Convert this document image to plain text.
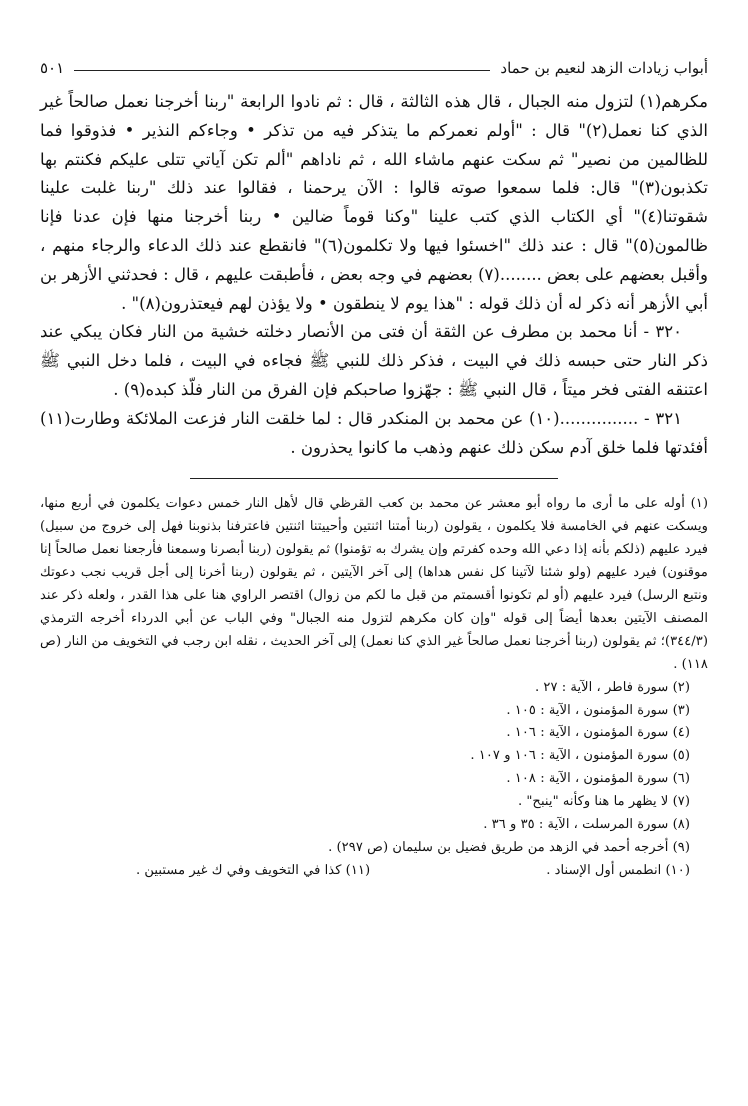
أبواب زيادات الزهد لنعيم بن حماد
٥٠١

مكرهم(١) لتزول منه الجبال ، قال هذه الثالثة ، قال : ثم نادوا الرابعة "ربنا أخرجنا نعمل صالحاً غير الذي كنا نعمل(٢)" قال : "أولم نعمركم ما يتذكر فيه من تذكر • وجاءكم النذير • فذوقوا فما للظالمين من نصير" ثم سكت عنهم ماشاء الله ، ثم ناداهم "ألم تكن آياتي تتلى عليكم فكنتم بها تكذبون(٣)" قال: فلما سمعوا صوته قالوا : الآن يرحمنا ، فقالوا عند ذلك "ربنا غلبت علينا شقوتنا(٤)" أي الكتاب الذي كتب علينا "وكنا قوماً ضالين • ربنا أخرجنا منها فإن عدنا فإنا ظالمون(٥)" قال : عند ذلك "اخسئوا فيها ولا تكلمون(٦)" فانقطع عند ذلك الدعاء والرجاء منهم ، وأقبل بعضهم على بعض ........(٧) بعضهم في وجه بعض ، فأطبقت عليهم ، قال : فحدثني الأزهر بن أبي الأزهر أنه ذكر له أن ذلك قوله : "هذا يوم لا ينطقون • ولا يؤذن لهم فيعتذرون(٨)" .

٣٢٠ - أنا محمد بن مطرف عن الثقة أن فتى من الأنصار دخلته خشية من النار فكان يبكي عند ذكر النار حتى حبسه ذلك في البيت ، فذكر ذلك للنبي ﷺ فجاءه في البيت ، فلما دخل النبي ﷺ اعتنقه الفتى فخر ميتاً ، قال النبي ﷺ : جهّزوا صاحبكم فإن الفرق من النار فلّذ كبده(٩) .

٣٢١ - ...............(١٠) عن محمد بن المنكدر قال : لما خلقت النار فزعت الملائكة وطارت(١١) أفئدتها فلما خلق آدم سكن ذلك عنهم وذهب ما كانوا يحذرون .

(١) أوله على ما أرى ما رواه أبو معشر عن محمد بن كعب القرظي قال لأهل النار خمس دعوات يكلمون في أربع منها، ويسكت عنهم في الخامسة فلا يكلمون ، يقولون (ربنا أمتنا اثنتين وأحييتنا اثنتين فاعترفنا بذنوبنا فهل إلى خروج من سبيل) فيرد عليهم (ذلكم بأنه إذا دعي الله وحده كفرتم وإن يشرك به تؤمنوا) ثم يقولون (ربنا أبصرنا وسمعنا فأرجعنا نعمل صالحاً إنا موقنون) فيرد عليهم (ولو شئنا لآتينا كل نفس هداها) إلى آخر الآيتين ، ثم يقولون (ربنا أخرنا إلى أجل قريب نجب دعوتك ونتبع الرسل) فيرد عليهم (أو لم تكونوا أقسمتم من قبل ما لكم من زوال) اقتصر الراوي هنا على هذا القدر ، ولعله ذكر عند المصنف الآيتين بعدها أيضاً إلى قوله "وإن كان مكرهم لتزول منه الجبال" وفي الباب عن أبي الدرداء أخرجه الترمذي (٣٤٤/٣)؛ ثم يقولون (ربنا أخرجنا نعمل صالحاً غير الذي كنا نعمل) إلى آخر الحديث ، نقله ابن رجب في التخويف من النار (ص ١١٨) .

(٢) سورة فاطر ، الآية : ٢٧ .

(٣) سورة المؤمنون ، الآية : ١٠٥ .

(٤) سورة المؤمنون ، الآية : ١٠٦ .

(٥) سورة المؤمنون ، الآية : ١٠٦ و ١٠٧ .

(٦) سورة المؤمنون ، الآية : ١٠٨ .

(٧) لا يظهر ما هنا وكأنه "ينبح" .

(٨) سورة المرسلت ، الآية : ٣٥ و ٣٦ .

(٩) أخرجه أحمد في الزهد من طريق فضيل بن سليمان (ص ٢٩٧) .

(١٠) انطمس أول الإسناد .
(١١) كذا في التخويف وفي ك غير مستبين .
